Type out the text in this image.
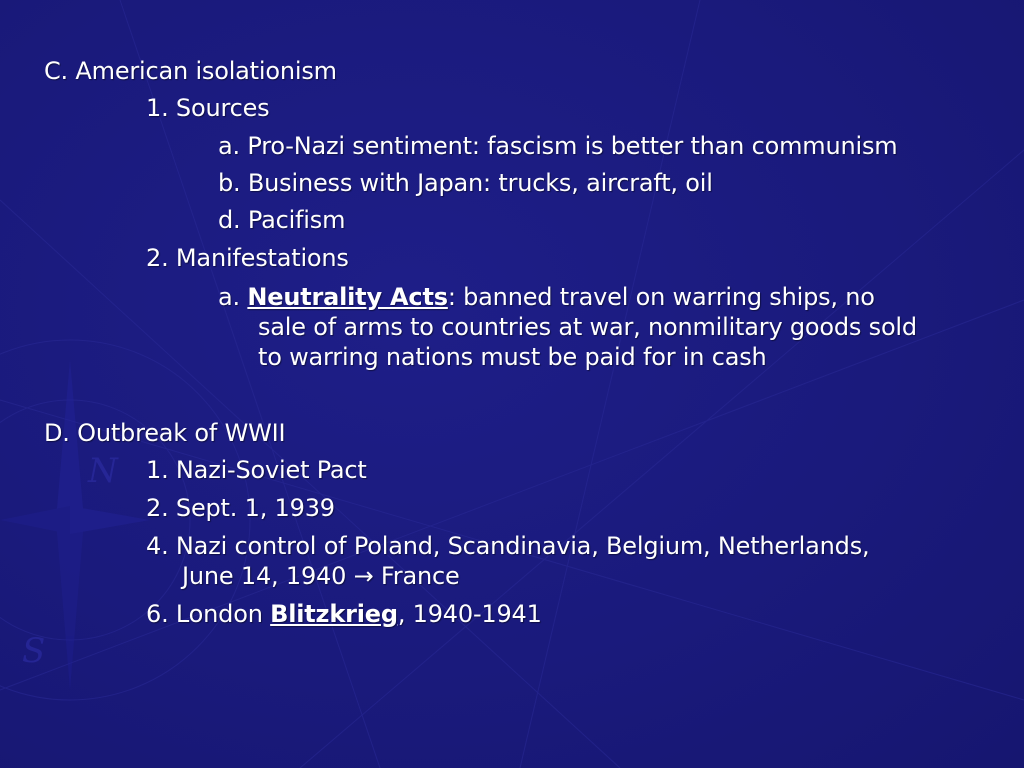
N
S
C. American isolationism
1. Sources
a. Pro-Nazi sentiment: fascism is better than communism
b. Business with Japan: trucks, aircraft, oil
d. Pacifism
2. Manifestations
a. Neutrality Acts: banned travel on warring ships, no
sale of arms to countries at war, nonmilitary goods sold
to warring nations must be paid for in cash
D. Outbreak of WWII
1. Nazi-Soviet Pact
2. Sept. 1, 1939
4. Nazi control of Poland, Scandinavia, Belgium, Netherlands,
June 14, 1940 → France
6. London Blitzkrieg, 1940-1941
